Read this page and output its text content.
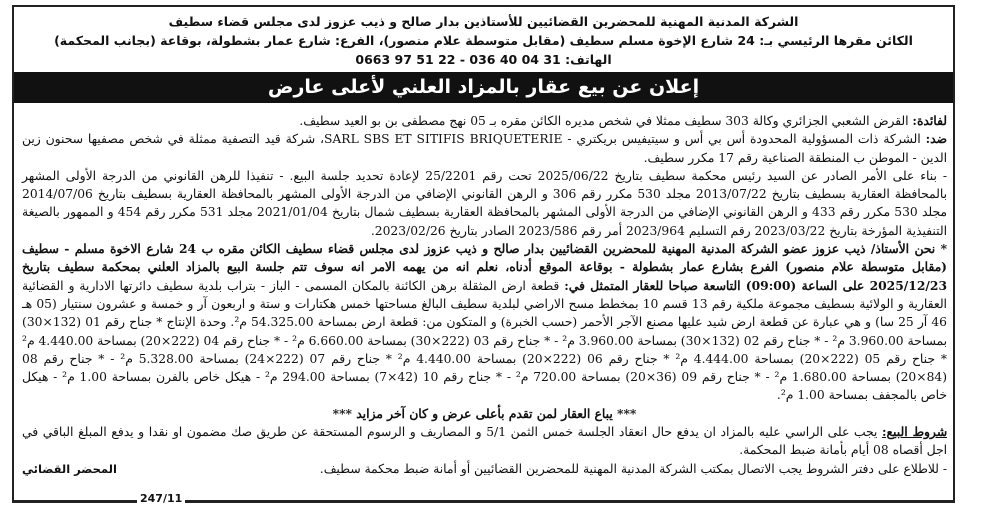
الشركة المدنية المهنية للمحضرين القضائيين للأستاذين بدار صالح و ذيب عزوز لدى مجلس قضاء سطيف
الكائن مقرها الرئيسي بـ: 24 شارع الإخوة مسلم سطيف (مقابل متوسطة علام منصور)، الفرع: شارع عمار بشطولة، بوقاعة (بجانب المحكمة)
الهاتف: 31 04 40 036 - 22 51 97 0663
إعلان عن بيع عقار بالمزاد العلني لأعلى عارض

لفائدة: القرض الشعبي الجزائري وكالة 303 سطيف ممثلا في شخص مديره الكائن مقره بـ 05 نهج مصطفى بن بو العيد سطيف.

ضد: الشركة ذات المسؤولية المحدودة أس بي أس و سيتيفيس بريكتري - SARL SBS ET SITIFIS BRIQUETERIE، شركة قيد التصفية ممثلة في شخص مصفيها سحنون زين الدين - الموطن ب المنطقة الصناعية رقم 17 مكرر سطيف.

- بناء على الأمر الصادر عن السيد رئيس محكمة سطيف بتاريخ 2025/06/22 تحت رقم 25/2201 لإعادة تحديد جلسة البيع. - تنفيذا للرهن القانوني من الدرجة الأولى المشهر بالمحافظة العقارية بسطيف بتاريخ 2013/07/22 مجلد 530 مكرر رقم 306 و الرهن القانوني الإضافي من الدرجة الأولى المشهر بالمحافظة العقارية بسطيف بتاريخ 2014/07/06 مجلد 530 مكرر رقم 433 و الرهن القانوني الإضافي من الدرجة الأولى المشهر بالمحافظة العقارية بسطيف شمال بتاريخ 2021/01/04 مجلد 531 مكرر رقم 454 و الممهور بالصيغة التنفيذية المؤرخة بتاريخ 2023/03/22 رقم التسليم 2023/964 أمر رقم 2023/586 الصادر بتاريخ 2023/02/26.

* نحن الأستاذ/ ذيب عزوز عضو الشركة المدنية المهنية للمحضرين القضائيين بدار صالح و ذيب عزوز لدى مجلس قضاء سطيف الكائن مقره ب 24 شارع الاخوة مسلم - سطيف (مقابل متوسطة علام منصور) الفرع بشارع عمار بشطولة - بوقاعة الموقع أدناه، نعلم انه من يهمه الامر انه سوف تتم جلسة البيع بالمزاد العلني بمحكمة سطيف بتاريخ 2025/12/23 على الساعة (09:00) التاسعة صباحا للعقار المتمثل في: قطعة ارض المثقلة برهن الكائنة بالمكان المسمى - الباز - بتراب بلدية سطيف دائرتها الادارية و القضائية العقارية و الولائية بسطيف مجموعة ملكية رقم 13 قسم 10 بمخطط مسح الاراضي لبلدية سطيف البالغ مساحتها خمس هكتارات و ستة و اربعون آر و خمسة و عشرون سنتيار (05 هـ 46 آر 25 سا) و هي عبارة عن قطعة ارض شيد عليها مصنع الآجر الأحمر (حسب الخبرة) و المتكون من: قطعة ارض بمساحة 54.325.00 م². وحدة الإنتاج * جناح رقم 01 (132×30) بمساحة 3.960.00 م² - * جناح رقم 02 (132×30) بمساحة 3.960.00 م² - * جناح رقم 03 (222×30) بمساحة 6.660.00 م² - * جناح رقم 04 (222×20) بمساحة 4.440.00 م² * جناح رقم 05 (222×20) بمساحة 4.444.00 م² * جناح رقم 06 (222×20) بمساحة 4.440.00 م² * جناح رقم 07 (222×24) بمساحة 5.328.00 م² - * جناح رقم 08 (84×20) بمساحة 1.680.00 م² - * جناح رقم 09 (36×20) بمساحة 720.00 م² - * جناح رقم 10 (42×7) بمساحة 294.00 م² - هيكل خاص بالفرن بمساحة 1.00 م² - هيكل خاص بالمجفف بمساحة 1.00 م².

*** يباع العقار لمن تقدم بأعلى عرض و كان آخر مزايد ***

شروط البيع: يجب على الراسي عليه بالمزاد ان يدفع حال انعقاد الجلسة خمس الثمن 5/1 و المصاريف و الرسوم المستحقة عن طريق صك مضمون او نقدا و يدفع المبلغ الباقي في اجل أقصاه 08 أيام بأمانة ضبط المحكمة.

- للاطلاع على دفتر الشروط يجب الاتصال بمكتب الشركة المدنية المهنية للمحضرين القضائيين أو أمانة ضبط محكمة سطيف.
المحضر القضائي

247/11
